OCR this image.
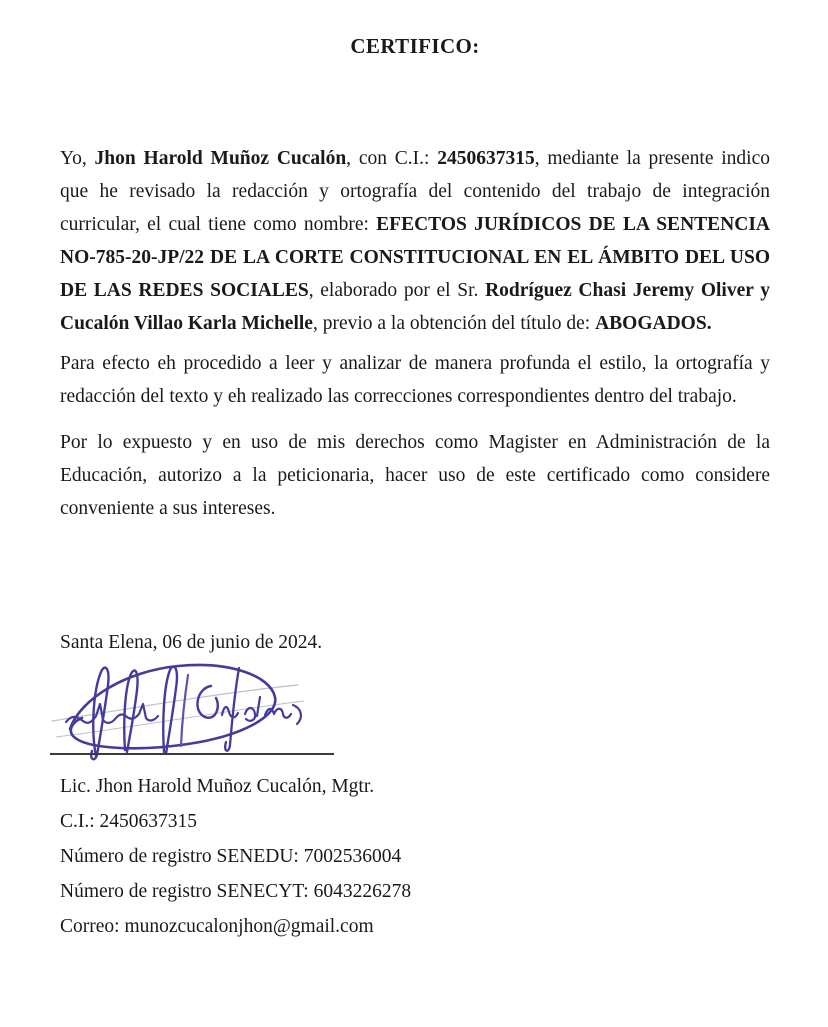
CERTIFICO:

Yo, Jhon Harold Muñoz Cucalón, con C.I.: 2450637315, mediante la presente indico que he revisado la redacción y ortografía del contenido del trabajo de integración curricular, el cual tiene como nombre: EFECTOS JURÍDICOS DE LA SENTENCIA NO-785-20-JP/22 DE LA CORTE CONSTITUCIONAL EN EL ÁMBITO DEL USO DE LAS REDES SOCIALES, elaborado por el Sr. Rodríguez Chasi Jeremy Oliver y Cucalón Villao Karla Michelle, previo a la obtención del título de: ABOGADOS.

Para efecto eh procedido a leer y analizar de manera profunda el estilo, la ortografía y redacción del texto y eh realizado las correcciones correspondientes dentro del trabajo.

Por lo expuesto y en uso de mis derechos como Magister en Administración de la Educación, autorizo a la peticionaria, hacer uso de este certificado como considere conveniente a sus intereses.

Santa Elena, 06 de junio de 2024.

Lic. Jhon Harold Muñoz Cucalón, Mgtr.

C.I.: 2450637315

Número de registro SENEDU: 7002536004

Número de registro SENECYT: 6043226278

Correo: munozcucalonjhon@gmail.com
